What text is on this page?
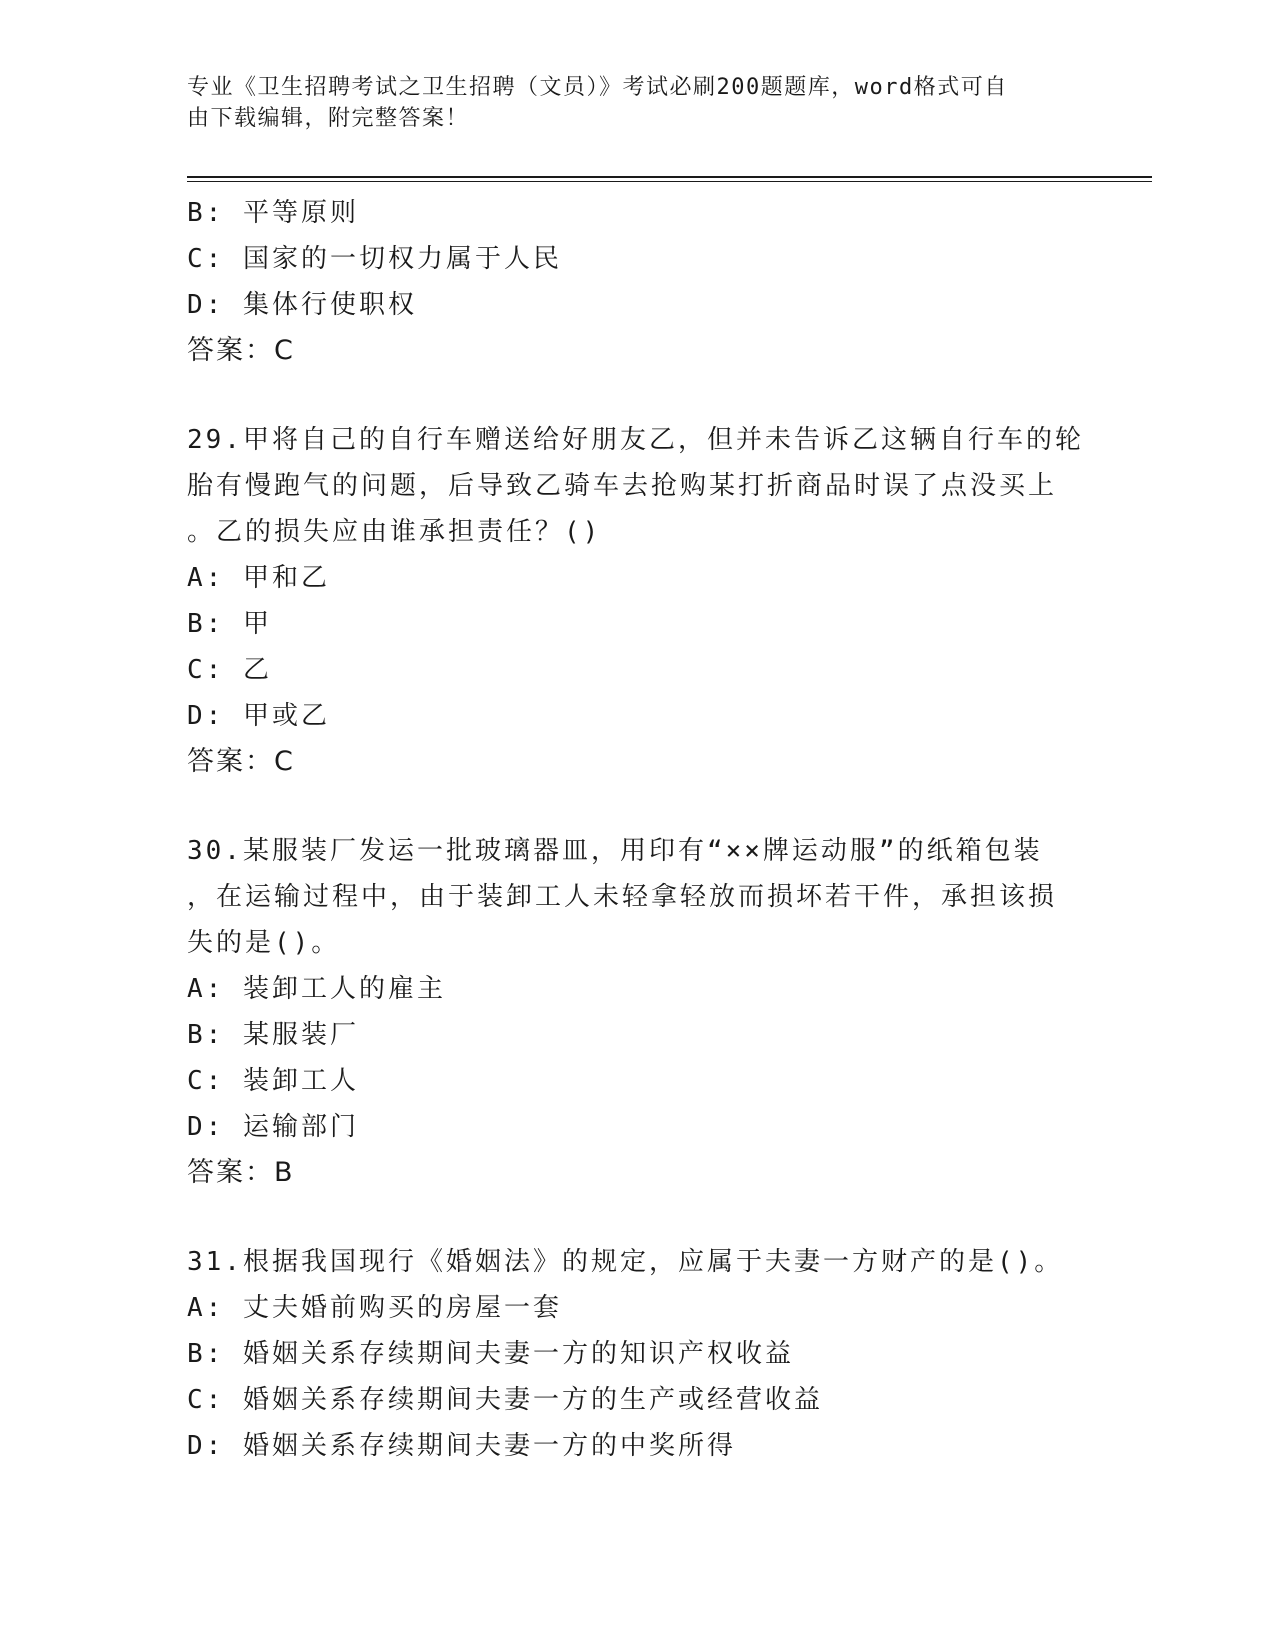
专业《卫生招聘考试之卫生招聘（文员）》考试必刷200题题库，word格式可自
由下载编辑，附完整答案！
B: 平等原则
C: 国家的一切权力属于人民
D: 集体行使职权
答案：C
29.甲将自己的自行车赠送给好朋友乙，但并未告诉乙这辆自行车的轮
胎有慢跑气的问题，后导致乙骑车去抢购某打折商品时误了点没买上
。乙的损失应由谁承担责任？()
A: 甲和乙
B: 甲
C: 乙
D: 甲或乙
答案：C
30.某服装厂发运一批玻璃器皿，用印有“××牌运动服”的纸箱包装
，在运输过程中，由于装卸工人未轻拿轻放而损坏若干件，承担该损
失的是()。
A: 装卸工人的雇主
B: 某服装厂
C: 装卸工人
D: 运输部门
答案：B
31.根据我国现行《婚姻法》的规定，应属于夫妻一方财产的是()。
A: 丈夫婚前购买的房屋一套
B: 婚姻关系存续期间夫妻一方的知识产权收益
C: 婚姻关系存续期间夫妻一方的生产或经营收益
D: 婚姻关系存续期间夫妻一方的中奖所得
